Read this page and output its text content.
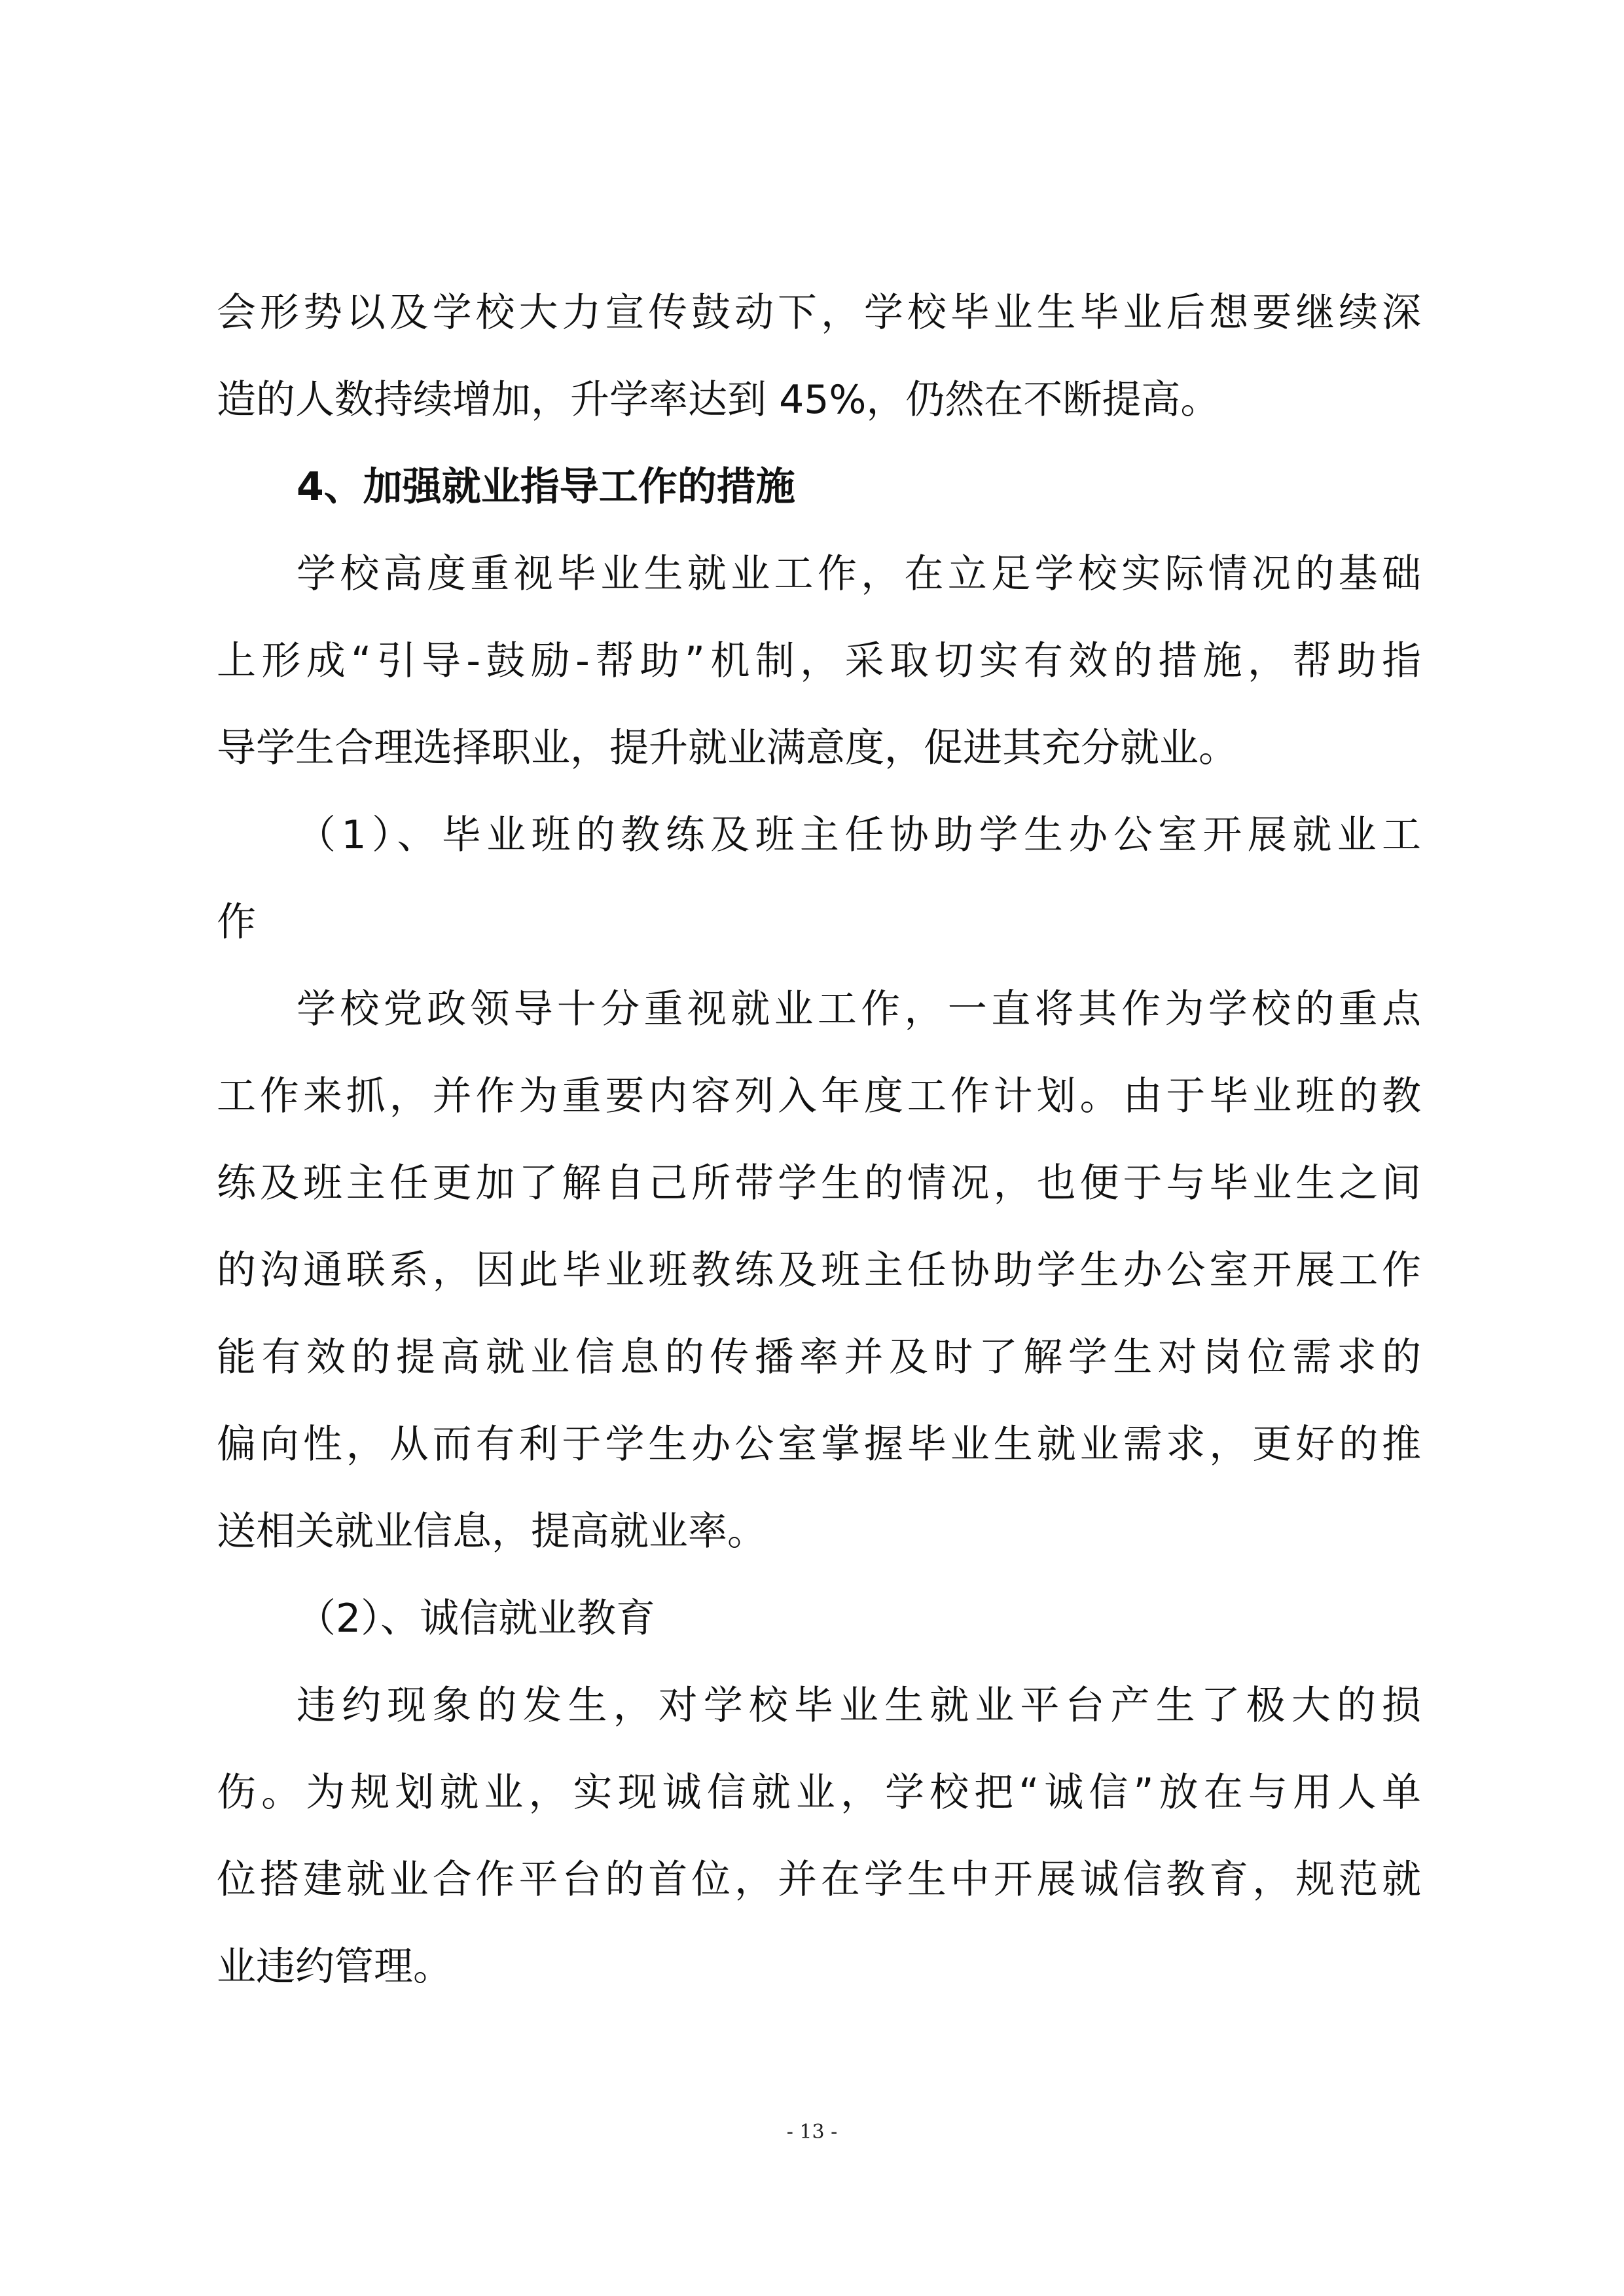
会形势以及学校大力宣传鼓动下，学校毕业生毕业后想要继续深
造的人数持续增加，升学率达到 45%，仍然在不断提高。
4、加强就业指导工作的措施
学校高度重视毕业生就业工作，在立足学校实际情况的基础
上形成“引导-鼓励-帮助”机制，采取切实有效的措施，帮助指
导学生合理选择职业，提升就业满意度，促进其充分就业。
（1）、毕业班的教练及班主任协助学生办公室开展就业工
作
学校党政领导十分重视就业工作，一直将其作为学校的重点
工作来抓，并作为重要内容列入年度工作计划。由于毕业班的教
练及班主任更加了解自己所带学生的情况，也便于与毕业生之间
的沟通联系，因此毕业班教练及班主任协助学生办公室开展工作
能有效的提高就业信息的传播率并及时了解学生对岗位需求的
偏向性，从而有利于学生办公室掌握毕业生就业需求，更好的推
送相关就业信息，提高就业率。
（2）、诚信就业教育
违约现象的发生，对学校毕业生就业平台产生了极大的损
伤。为规划就业，实现诚信就业，学校把“诚信”放在与用人单
位搭建就业合作平台的首位，并在学生中开展诚信教育，规范就
业违约管理。
- 13 -
